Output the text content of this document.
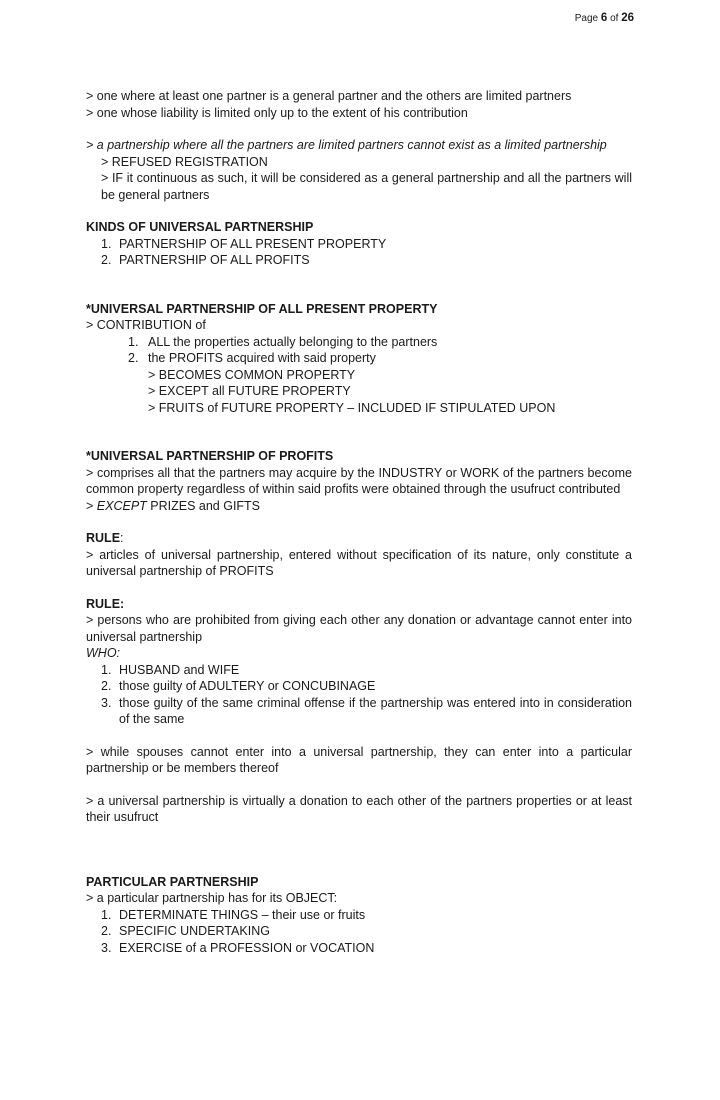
Page 6 of 26

> one where at least one partner is a general partner and the others are limited partners

> one whose liability is limited only up to the extent of his contribution

> a partnership where all the partners are limited partners cannot exist as a limited partnership

> REFUSED REGISTRATION

> IF it continuous as such, it will be considered as a general partnership and all the partners will be general partners

KINDS OF UNIVERSAL PARTNERSHIP

1. PARTNERSHIP OF ALL PRESENT PROPERTY
2. PARTNERSHIP OF ALL PROFITS

*UNIVERSAL PARTNERSHIP OF ALL PRESENT PROPERTY

> CONTRIBUTION of

1. ALL the properties actually belonging to the partners
2. the PROFITS acquired with said property

> BECOMES COMMON PROPERTY

> EXCEPT all FUTURE PROPERTY

> FRUITS of FUTURE PROPERTY – INCLUDED IF STIPULATED UPON

*UNIVERSAL PARTNERSHIP OF PROFITS

> comprises all that the partners may acquire by the INDUSTRY or WORK of the partners become common property regardless of within said profits were obtained through the usufruct contributed

> EXCEPT PRIZES and GIFTS

RULE:

> articles of universal partnership, entered without specification of its nature, only constitute a universal partnership of PROFITS

RULE:

> persons who are prohibited from giving each other any donation or advantage cannot enter into universal partnership

WHO:

1. HUSBAND and WIFE
2. those guilty of ADULTERY or CONCUBINAGE
3. those guilty of the same criminal offense if the partnership was entered into in consideration of the same

> while spouses cannot enter into a universal partnership, they can enter into a particular partnership or be members thereof

> a universal partnership is virtually a donation to each other of the partners properties or at least their usufruct

PARTICULAR PARTNERSHIP

> a particular partnership has for its OBJECT:

1. DETERMINATE THINGS – their use or fruits
2. SPECIFIC UNDERTAKING
3. EXERCISE of a PROFESSION or VOCATION
